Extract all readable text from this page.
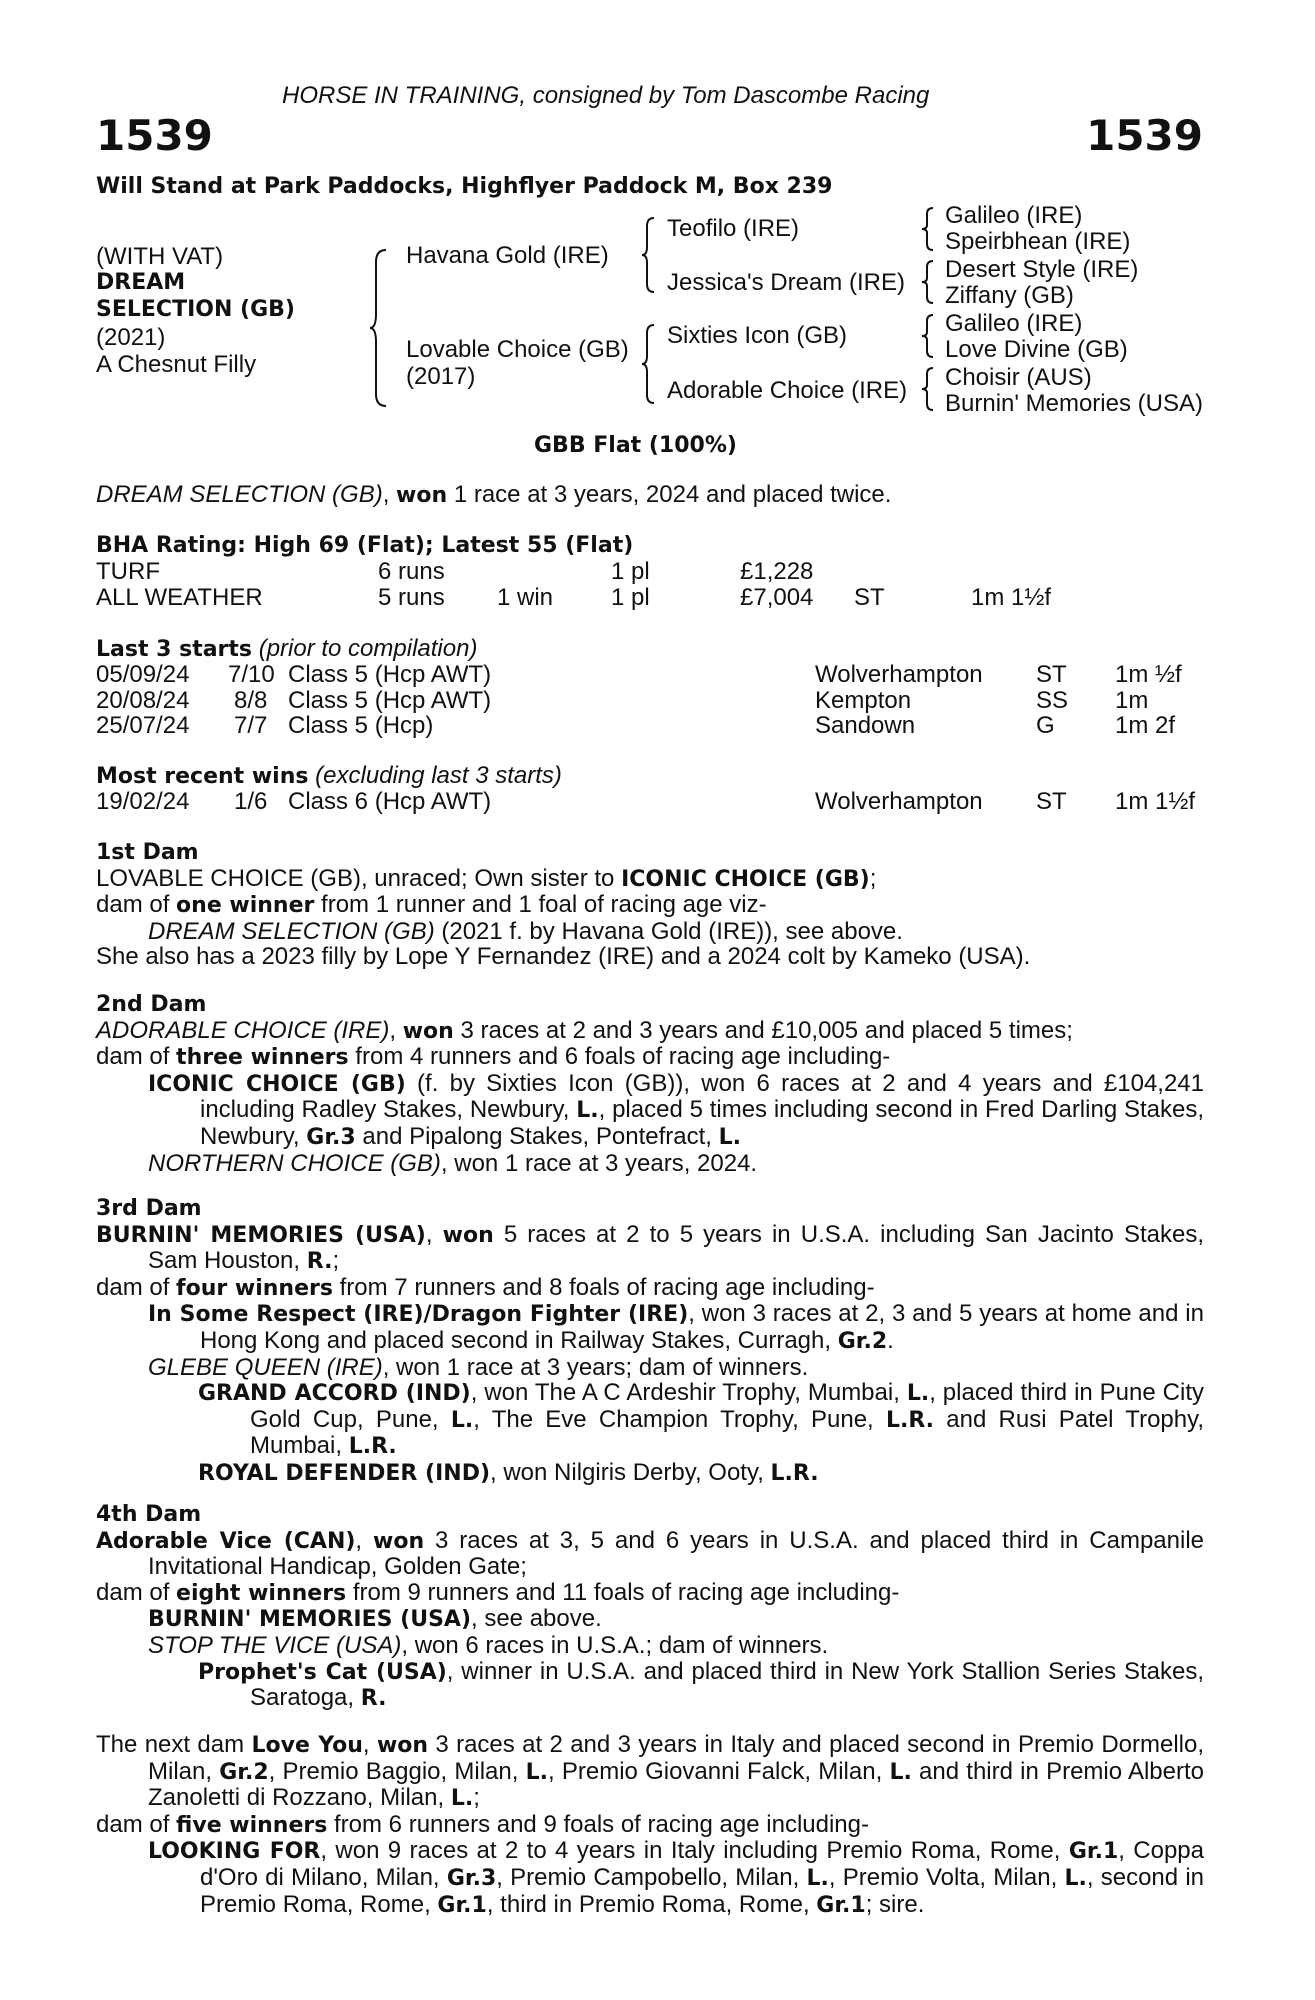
HORSE IN TRAINING, consigned by Tom Dascombe Racing
1539	1539
Will Stand at Park Paddocks, Highflyer Paddock M, Box 239
(WITH VAT)
DREAM
SELECTION (GB)
(2021)
A Chesnut Filly
Havana Gold (IRE)
Lovable Choice (GB)
(2017)
Teofilo (IRE)
Jessica's Dream (IRE)
Sixties Icon (GB)
Adorable Choice (IRE)
Galileo (IRE)
Speirbhean (IRE)
Desert Style (IRE)
Ziffany (GB)
Galileo (IRE)
Love Divine (GB)
Choisir (AUS)
Burnin' Memories (USA)
GBB Flat (100%)
DREAM SELECTION (GB), won 1 race at 3 years, 2024 and placed twice.
BHA Rating: High 69 (Flat); Latest 55 (Flat)
TURF	6 runs	1 pl	£1,228
ALL WEATHER	5 runs 1 win 1 pl	£7,004 ST	1m 1½f
Last 3 starts (prior to compilation)
05/09/24 7/10 Class 5 (Hcp AWT)	Wolverhampton ST 1m ½f
20/08/24 8/8 Class 5 (Hcp AWT)	Kempton	SS 1m
25/07/24 7/7 Class 5 (Hcp)	Sandown	G	1m 2f
Most recent wins (excluding last 3 starts)
19/02/24 1/6 Class 6 (Hcp AWT)	Wolverhampton ST 1m 1½f

1st Dam

LOVABLE CHOICE (GB), unraced; Own sister to ICONIC CHOICE (GB);

dam of one winner from 1 runner and 1 foal of racing age viz-

DREAM SELECTION (GB) (2021 f. by Havana Gold (IRE)), see above.

She also has a 2023 filly by Lope Y Fernandez (IRE) and a 2024 colt by Kameko (USA).

2nd Dam

ADORABLE CHOICE (IRE), won 3 races at 2 and 3 years and £10,005 and placed 5 times;

dam of three winners from 4 runners and 6 foals of racing age including-

ICONIC CHOICE (GB) (f. by Sixties Icon (GB)), won 6 races at 2 and 4 years and £104,241 including Radley Stakes, Newbury, L., placed 5 times including second in Fred Darling Stakes, Newbury, Gr.3 and Pipalong Stakes, Pontefract, L.

NORTHERN CHOICE (GB), won 1 race at 3 years, 2024.

3rd Dam

BURNIN' MEMORIES (USA), won 5 races at 2 to 5 years in U.S.A. including San Jacinto Stakes, Sam Houston, R.;

dam of four winners from 7 runners and 8 foals of racing age including-

In Some Respect (IRE)/Dragon Fighter (IRE), won 3 races at 2, 3 and 5 years at home and in Hong Kong and placed second in Railway Stakes, Curragh, Gr.2.

GLEBE QUEEN (IRE), won 1 race at 3 years; dam of winners.

GRAND ACCORD (IND), won The A C Ardeshir Trophy, Mumbai, L., placed third in Pune City Gold Cup, Pune, L., The Eve Champion Trophy, Pune, L.R. and Rusi Patel Trophy, Mumbai, L.R.

ROYAL DEFENDER (IND), won Nilgiris Derby, Ooty, L.R.

4th Dam

Adorable Vice (CAN), won 3 races at 3, 5 and 6 years in U.S.A. and placed third in Campanile Invitational Handicap, Golden Gate;

dam of eight winners from 9 runners and 11 foals of racing age including-

BURNIN' MEMORIES (USA), see above.

STOP THE VICE (USA), won 6 races in U.S.A.; dam of winners.

Prophet's Cat (USA), winner in U.S.A. and placed third in New York Stallion Series Stakes, Saratoga, R.

The next dam Love You, won 3 races at 2 and 3 years in Italy and placed second in Premio Dormello, Milan, Gr.2, Premio Baggio, Milan, L., Premio Giovanni Falck, Milan, L. and third in Premio Alberto Zanoletti di Rozzano, Milan, L.;

dam of five winners from 6 runners and 9 foals of racing age including-

LOOKING FOR, won 9 races at 2 to 4 years in Italy including Premio Roma, Rome, Gr.1, Coppa d'Oro di Milano, Milan, Gr.3, Premio Campobello, Milan, L., Premio Volta, Milan, L., second in Premio Roma, Rome, Gr.1, third in Premio Roma, Rome, Gr.1; sire.
